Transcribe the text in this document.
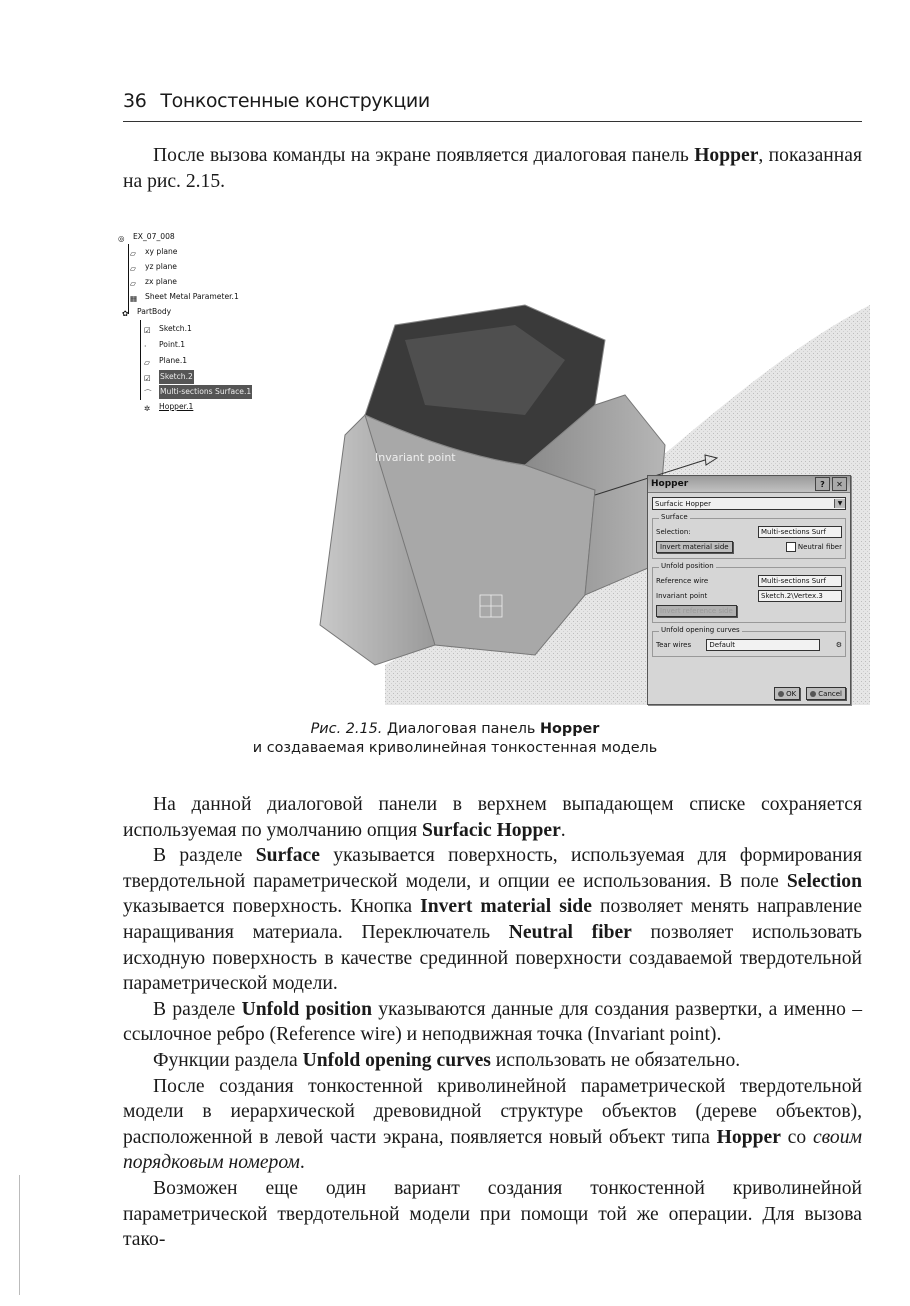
36 Тонкостенные конструкции

После вызова команды на экране появляется диалоговая панель Hopper, показанная на рис. 2.15.

Invariant point
◎	EX_07_008
▱	xy plane
▱	yz plane
▱	zx plane
▦	Sheet Metal Parameter.1
✿	PartBody
☑	Sketch.1
·	Point.1
▱	Plane.1
☑	Sketch.2
⌒	Multi-sections Surface.1
✲	Hopper.1
Hopper	?	✕
Surfacic Hopper	▼
Surface
Selection:	Multi-sections Surf
Invert material side	Neutral fiber
Unfold position
Reference wire	Multi-sections Surf
Invariant point	Sketch.2\Vertex.3
Invert reference side
Unfold opening curves
Tear wires	Default	⚙
OK	Cancel
Рис. 2.15. Диалоговая панель Hopper
и создаваемая криволинейная тонкостенная модель

На данной диалоговой панели в верхнем выпадающем списке сохраняется используемая по умолчанию опция Surfacic Hopper.

В разделе Surface указывается поверхность, используемая для формирования твердотельной параметрической модели, и опции ее использования. В поле Selection указывается поверхность. Кнопка Invert material side позволяет менять направление наращивания материала. Переключатель Neutral fiber позволяет использовать исходную поверхность в качестве срединной поверхности создаваемой твердотельной параметрической модели.

В разделе Unfold position указываются данные для создания развертки, а именно – ссылочное ребро (Reference wire) и неподвижная точка (Invariant point).

Функции раздела Unfold opening curves использовать не обязательно.

После создания тонкостенной криволинейной параметрической твердотельной модели в иерархической древовидной структуре объектов (дереве объектов), расположенной в левой части экрана, появляется новый объект типа Hopper со своим порядковым номером.

Возможен еще один вариант создания тонкостенной криволинейной параметрической твердотельной модели при помощи той же операции. Для вызова тако-
